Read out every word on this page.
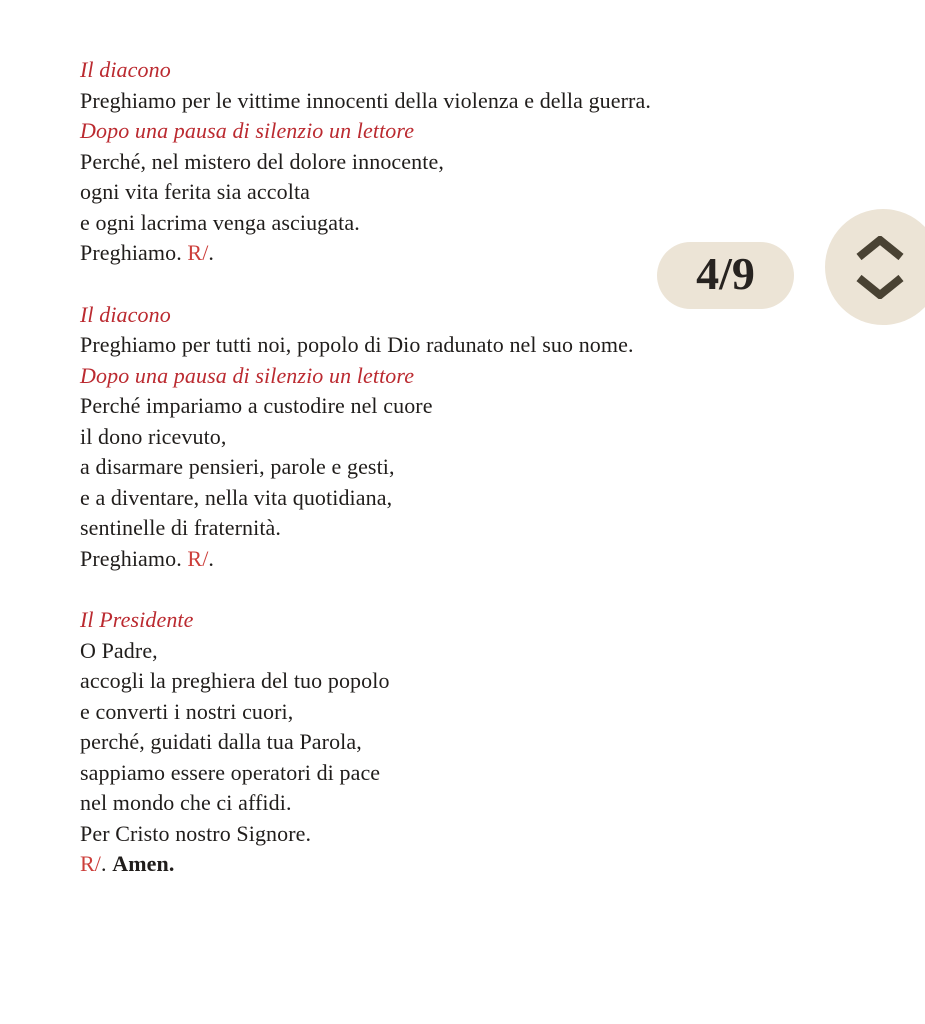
Il diacono
Preghiamo per le vittime innocenti della violenza e della guerra.
Dopo una pausa di silenzio un lettore
Perché, nel mistero del dolore innocente,
ogni vita ferita sia accolta
e ogni lacrima venga asciugata.
Preghiamo. R/.
Il diacono
Preghiamo per tutti noi, popolo di Dio radunato nel suo nome.
Dopo una pausa di silenzio un lettore
Perché impariamo a custodire nel cuore
il dono ricevuto,
a disarmare pensieri, parole e gesti,
e a diventare, nella vita quotidiana,
sentinelle di fraternità.
Preghiamo. R/.
Il Presidente
O Padre,
accogli la preghiera del tuo popolo
e converti i nostri cuori,
perché, guidati dalla tua Parola,
sappiamo essere operatori di pace
nel mondo che ci affidi.
Per Cristo nostro Signore.
R/. Amen.
4/9
